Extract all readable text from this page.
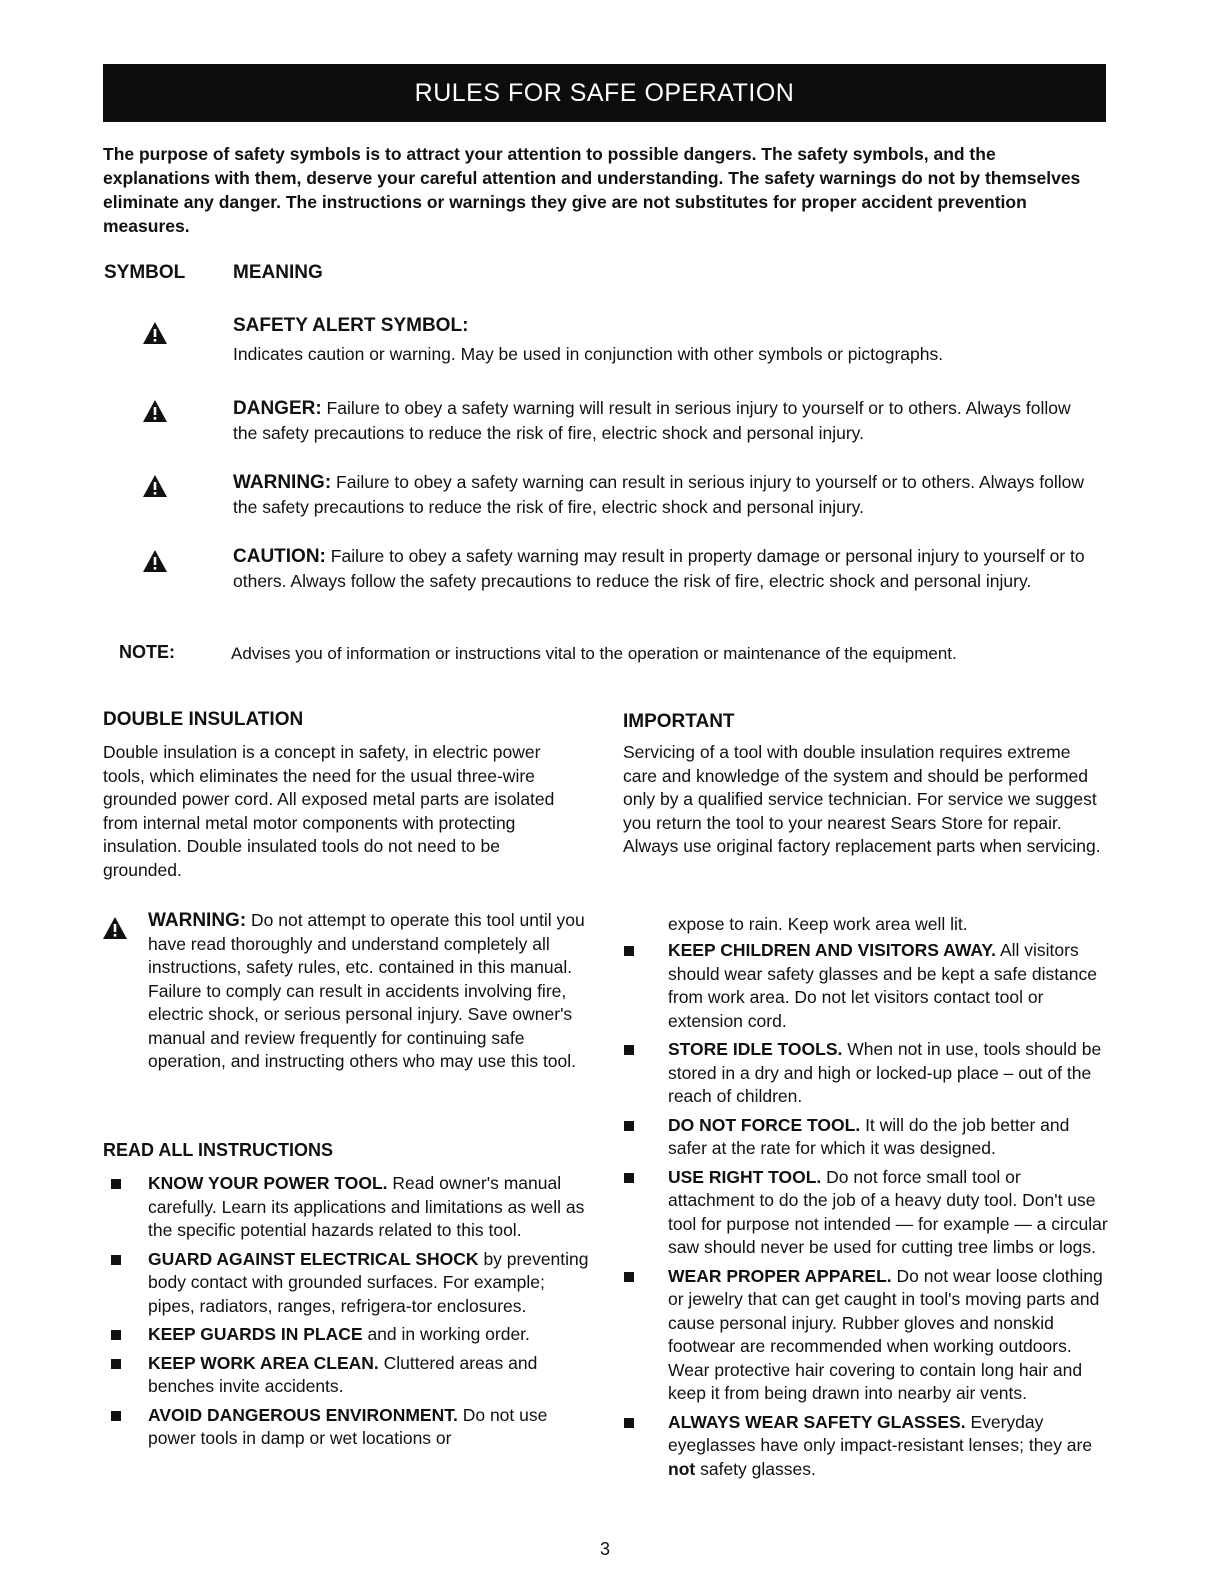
RULES FOR SAFE OPERATION
The purpose of safety symbols is to attract your attention to possible dangers. The safety symbols, and the explanations with them, deserve your careful attention and understanding. The safety warnings do not by themselves eliminate any danger. The instructions or warnings they give are not substitutes for proper accident prevention measures.
SYMBOL	MEANING
SAFETY ALERT SYMBOL:
Indicates caution or warning. May be used in conjunction with other symbols or pictographs.
DANGER: Failure to obey a safety warning will result in serious injury to yourself or to others. Always follow the safety precautions to reduce the risk of fire, electric shock and personal injury.
WARNING: Failure to obey a safety warning can result in serious injury to yourself or to others. Always follow the safety precautions to reduce the risk of fire, electric shock and personal injury.
CAUTION: Failure to obey a safety warning may result in property damage or personal injury to yourself or to others. Always follow the safety precautions to reduce the risk of fire, electric shock and personal injury.
NOTE:	Advises you of information or instructions vital to the operation or maintenance of the equipment.
DOUBLE INSULATION
Double insulation is a concept in safety, in electric power tools, which eliminates the need for the usual three-wire grounded power cord. All exposed metal parts are isolated from internal metal motor components with protecting insulation. Double insulated tools do not need to be grounded.
IMPORTANT
Servicing of a tool with double insulation requires extreme care and knowledge of the system and should be performed only by a qualified service technician. For service we suggest you return the tool to your nearest Sears Store for repair. Always use original factory replacement parts when servicing.
WARNING: Do not attempt to operate this tool until you have read thoroughly and understand completely all instructions, safety rules, etc. contained in this manual. Failure to comply can result in accidents involving fire, electric shock, or serious personal injury. Save owner's manual and review frequently for continuing safe operation, and instructing others who may use this tool.
READ ALL INSTRUCTIONS
KNOW YOUR POWER TOOL. Read owner's manual carefully. Learn its applications and limitations as well as the specific potential hazards related to this tool.
GUARD AGAINST ELECTRICAL SHOCK by preventing body contact with grounded surfaces. For example; pipes, radiators, ranges, refrigera-tor enclosures.
KEEP GUARDS IN PLACE and in working order.
KEEP WORK AREA CLEAN. Cluttered areas and benches invite accidents.
AVOID DANGEROUS ENVIRONMENT. Do not use power tools in damp or wet locations or
expose to rain. Keep work area well lit.
KEEP CHILDREN AND VISITORS AWAY. All visitors should wear safety glasses and be kept a safe distance from work area. Do not let visitors contact tool or extension cord.
STORE IDLE TOOLS. When not in use, tools should be stored in a dry and high or locked-up place – out of the reach of children.
DO NOT FORCE TOOL. It will do the job better and safer at the rate for which it was designed.
USE RIGHT TOOL. Do not force small tool or attachment to do the job of a heavy duty tool. Don't use tool for purpose not intended — for example — a circular saw should never be used for cutting tree limbs or logs.
WEAR PROPER APPAREL. Do not wear loose clothing or jewelry that can get caught in tool's moving parts and cause personal injury. Rubber gloves and nonskid footwear are recommended when working outdoors. Wear protective hair covering to contain long hair and keep it from being drawn into nearby air vents.
ALWAYS WEAR SAFETY GLASSES. Everyday eyeglasses have only impact-resistant lenses; they are not safety glasses.
3
